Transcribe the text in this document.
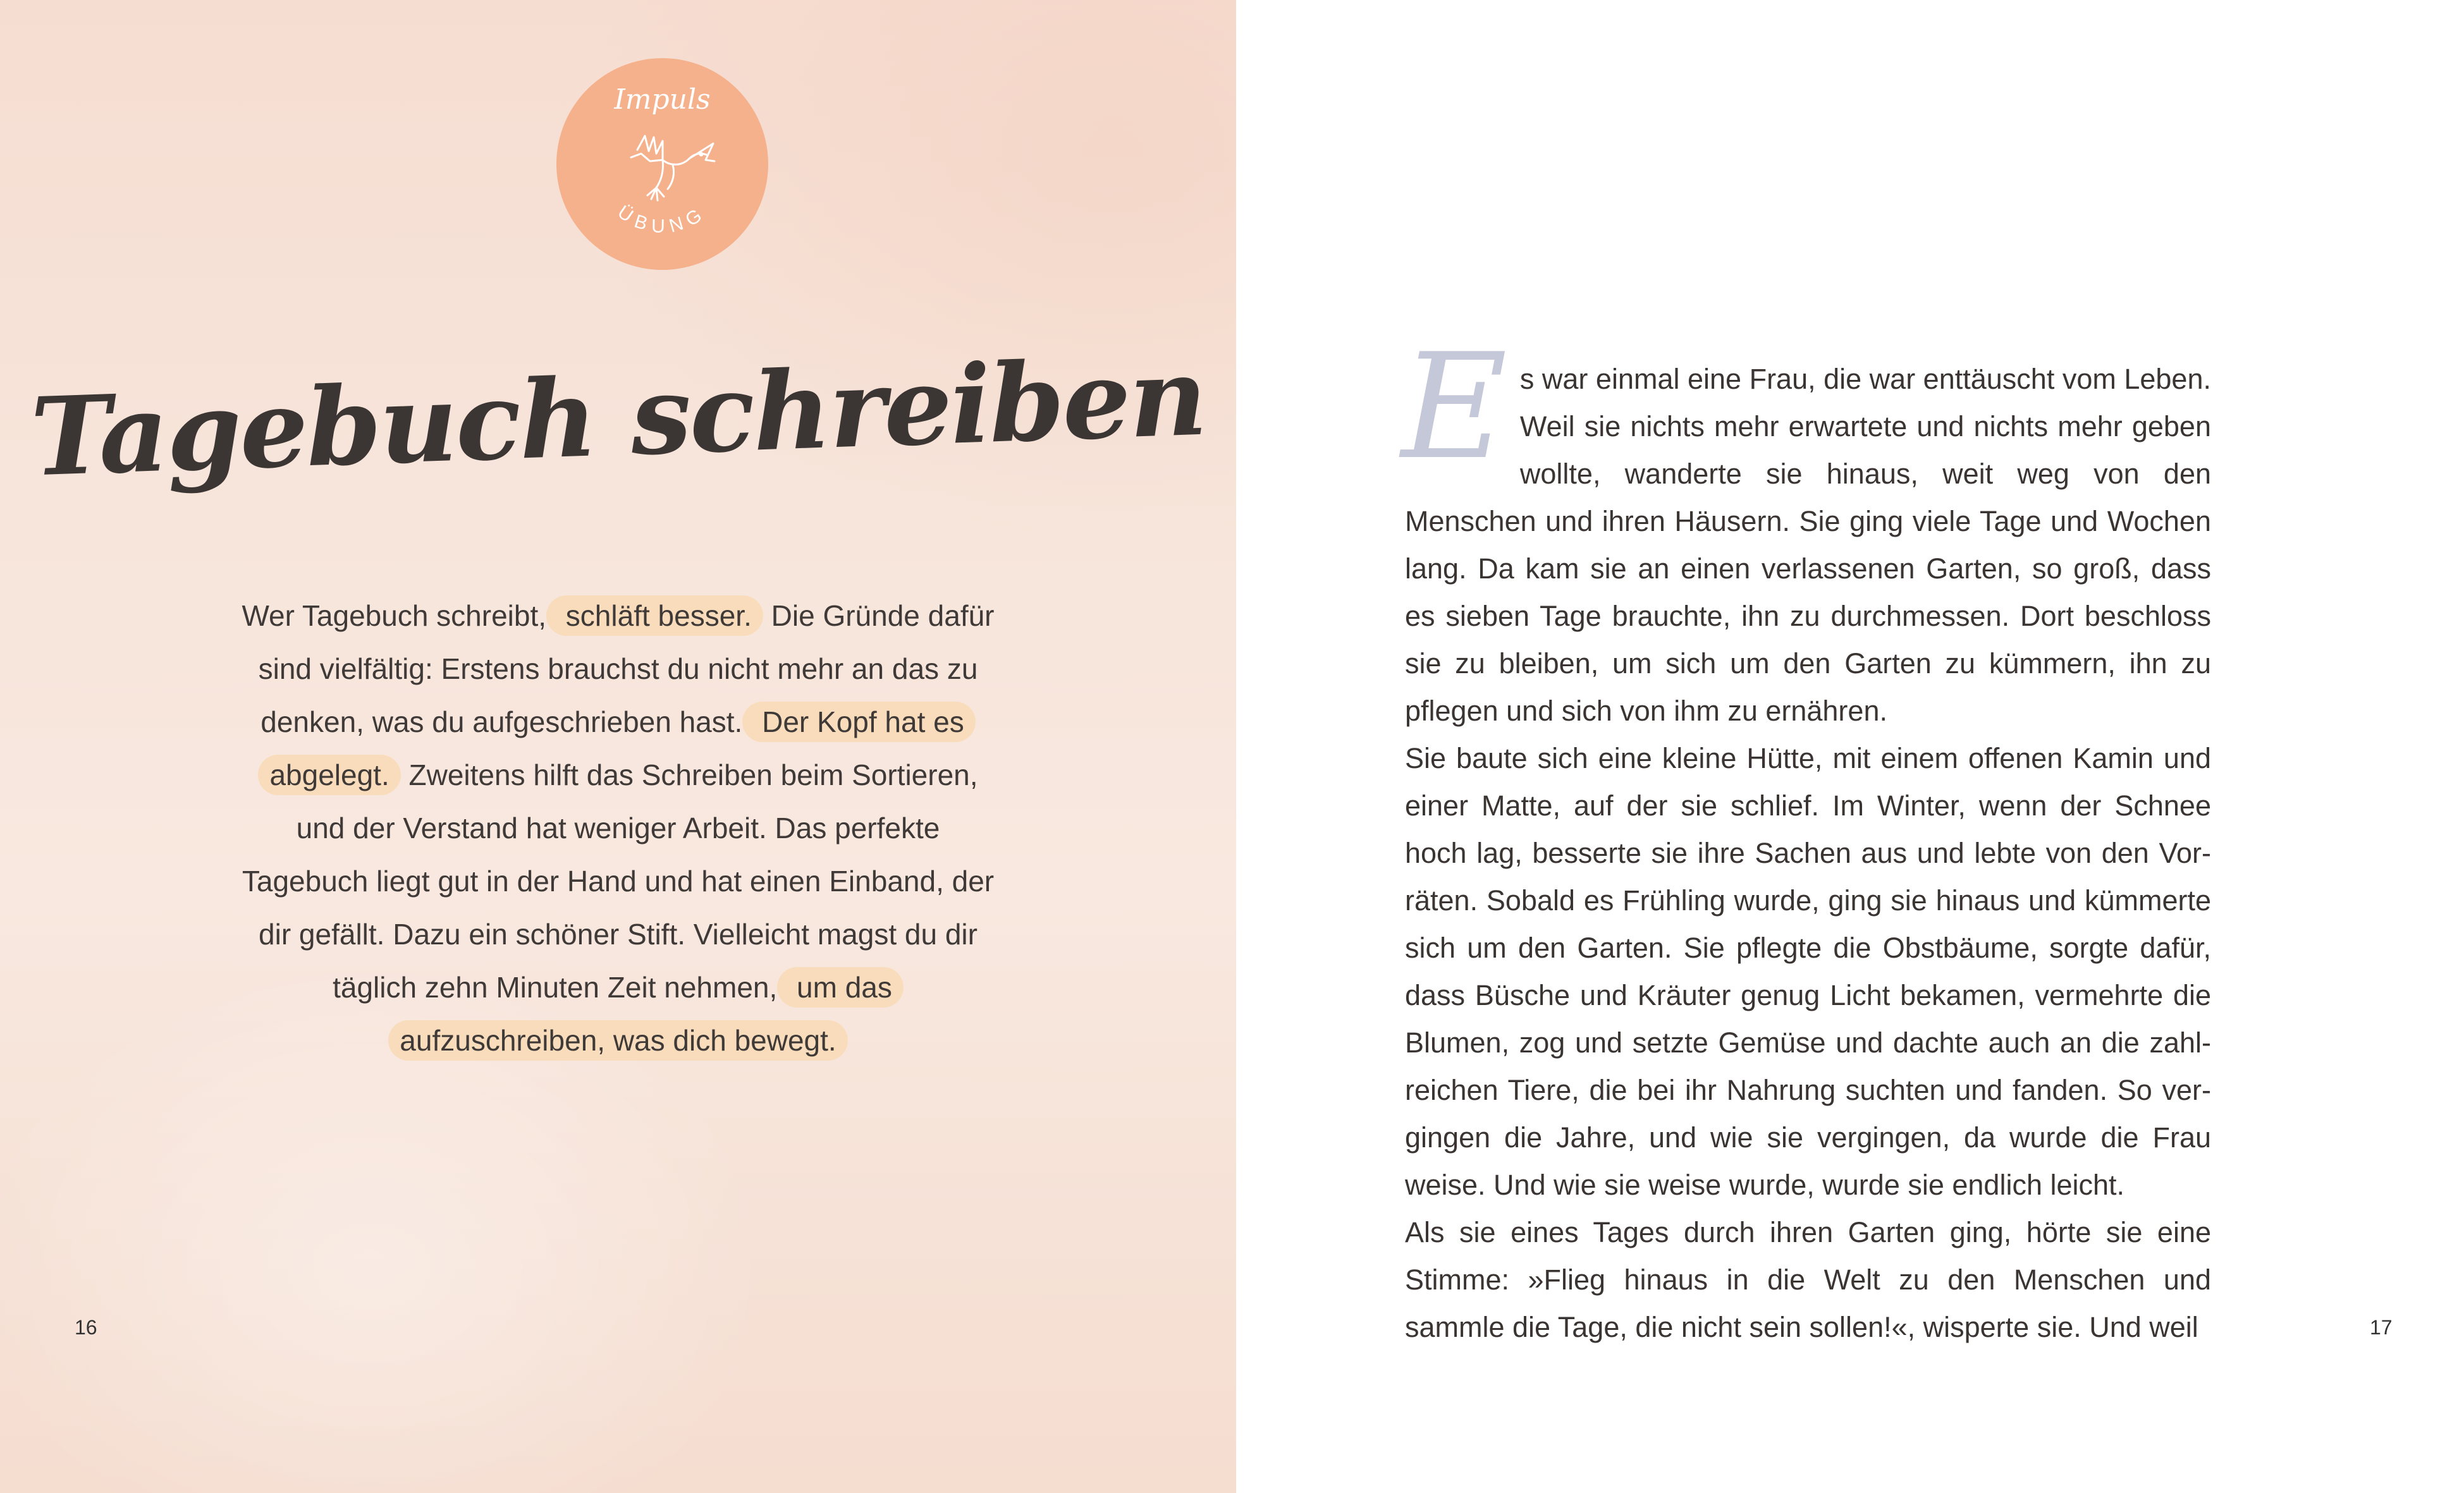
Impuls
ÜBUNG
Tagebuch schreiben
Wer Tagebuch schreibt, schläft besser. Die Gründe dafür sind vielfältig: Erstens brauchst du nicht mehr an das zu denken, was du aufgeschrieben hast. Der Kopf hat es abgelegt. Zweitens hilft das Schreiben beim Sortieren, und der Verstand hat weniger Arbeit. Das perfekte Tagebuch liegt gut in der Hand und hat einen Einband, der dir gefällt. Dazu ein schöner Stift. Vielleicht magst du dir täglich zehn Minuten Zeit nehmen, um das aufzuschreiben, was dich bewegt.
16

Es war einmal eine Frau, die war enttäuscht vom Leben. Weil sie nichts mehr erwartete und nichts mehr geben wollte, wanderte sie hinaus, weit weg von den Menschen und ihren Häusern. Sie ging viele Tage und Wochen lang. Da kam sie an einen verlassenen Garten, so groß, dass es sieben Tage brauchte, ihn zu durchmessen. Dort beschloss sie zu bleiben, um sich um den Garten zu kümmern, ihn zu pflegen und sich von ihm zu ernähren.

Sie baute sich eine kleine Hütte, mit einem offenen Kamin und einer Matte, auf der sie schlief. Im Winter, wenn der Schnee hoch lag, besserte sie ihre Sachen aus und lebte von den Vorräten. Sobald es Frühling wurde, ging sie hinaus und kümmerte sich um den Garten. Sie pflegte die Obstbäume, sorgte dafür, dass Büsche und Kräuter genug Licht bekamen, vermehrte die Blumen, zog und setzte Gemüse und dachte auch an die zahlreichen Tiere, die bei ihr Nahrung suchten und fanden. So vergingen die Jahre, und wie sie vergingen, da wurde die Frau weise. Und wie sie weise wurde, wurde sie endlich leicht.

Als sie eines Tages durch ihren Garten ging, hörte sie eine Stimme: »Flieg hinaus in die Welt zu den Menschen und sammle die Tage, die nicht sein sollen!«, wisperte sie. Und weil	17
